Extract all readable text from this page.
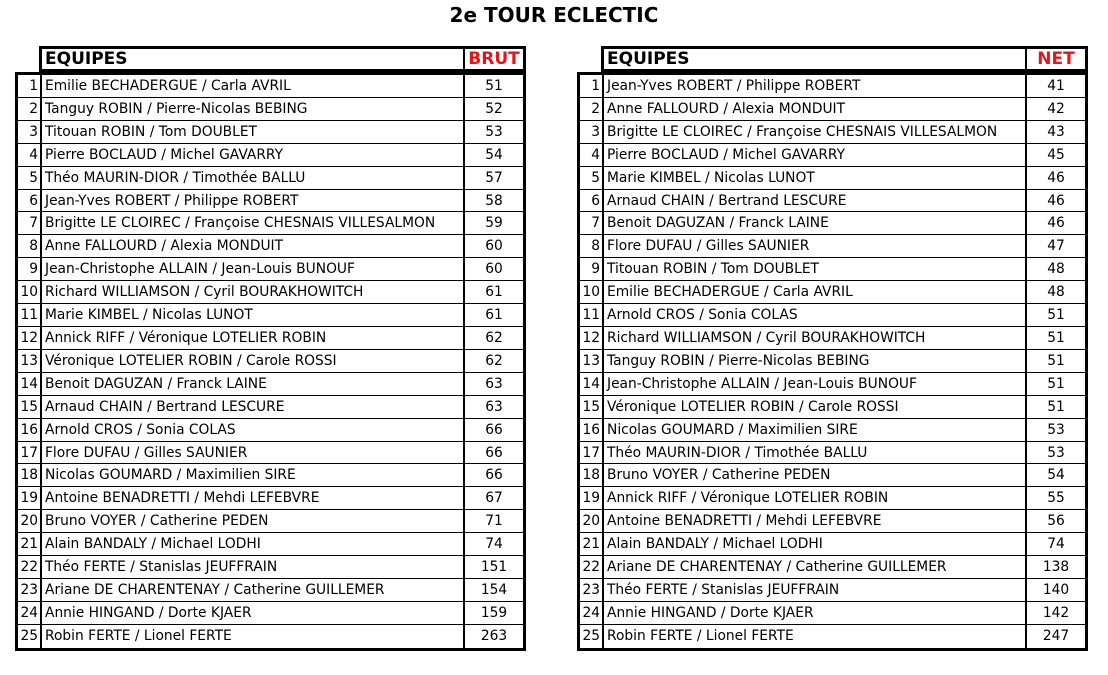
2e TOUR ECLECTIC
EQUIPES	BRUT
1 Emilie BECHADERGUE / Carla AVRIL	51
2 Tanguy ROBIN / Pierre-Nicolas BEBING	52
3 Titouan ROBIN / Tom DOUBLET	53
4 Pierre BOCLAUD / Michel GAVARRY	54
5 Théo MAURIN-DIOR / Timothée BALLU	57
6 Jean-Yves ROBERT / Philippe ROBERT	58
7 Brigitte LE CLOIREC / Françoise CHESNAIS VILLESALMON	59
8 Anne FALLOURD / Alexia MONDUIT	60
9 Jean-Christophe ALLAIN / Jean-Louis BUNOUF	60
10 Richard WILLIAMSON / Cyril BOURAKHOWITCH	61
11 Marie KIMBEL / Nicolas LUNOT	61
12 Annick RIFF / Véronique LOTELIER ROBIN	62
13 Véronique LOTELIER ROBIN / Carole ROSSI	62
14 Benoit DAGUZAN / Franck LAINE	63
15 Arnaud CHAIN / Bertrand LESCURE	63
16 Arnold CROS / Sonia COLAS	66
17 Flore DUFAU / Gilles SAUNIER	66
18 Nicolas GOUMARD / Maximilien SIRE	66
19 Antoine BENADRETTI / Mehdi LEFEBVRE	67
20 Bruno VOYER / Catherine PEDEN	71
21 Alain BANDALY / Michael LODHI	74
22 Théo FERTE / Stanislas JEUFFRAIN	151
23 Ariane DE CHARENTENAY / Catherine GUILLEMER	154
24 Annie HINGAND / Dorte KJAER	159
25 Robin FERTE / Lionel FERTE	263
EQUIPES	NET
1 Jean-Yves ROBERT / Philippe ROBERT	41
2 Anne FALLOURD / Alexia MONDUIT	42
3 Brigitte LE CLOIREC / Françoise CHESNAIS VILLESALMON	43
4 Pierre BOCLAUD / Michel GAVARRY	45
5 Marie KIMBEL / Nicolas LUNOT	46
6 Arnaud CHAIN / Bertrand LESCURE	46
7 Benoit DAGUZAN / Franck LAINE	46
8 Flore DUFAU / Gilles SAUNIER	47
9 Titouan ROBIN / Tom DOUBLET	48
10 Emilie BECHADERGUE / Carla AVRIL	48
11 Arnold CROS / Sonia COLAS	51
12 Richard WILLIAMSON / Cyril BOURAKHOWITCH	51
13 Tanguy ROBIN / Pierre-Nicolas BEBING	51
14 Jean-Christophe ALLAIN / Jean-Louis BUNOUF	51
15 Véronique LOTELIER ROBIN / Carole ROSSI	51
16 Nicolas GOUMARD / Maximilien SIRE	53
17 Théo MAURIN-DIOR / Timothée BALLU	53
18 Bruno VOYER / Catherine PEDEN	54
19 Annick RIFF / Véronique LOTELIER ROBIN	55
20 Antoine BENADRETTI / Mehdi LEFEBVRE	56
21 Alain BANDALY / Michael LODHI	74
22 Ariane DE CHARENTENAY / Catherine GUILLEMER	138
23 Théo FERTE / Stanislas JEUFFRAIN	140
24 Annie HINGAND / Dorte KJAER	142
25 Robin FERTE / Lionel FERTE	247
